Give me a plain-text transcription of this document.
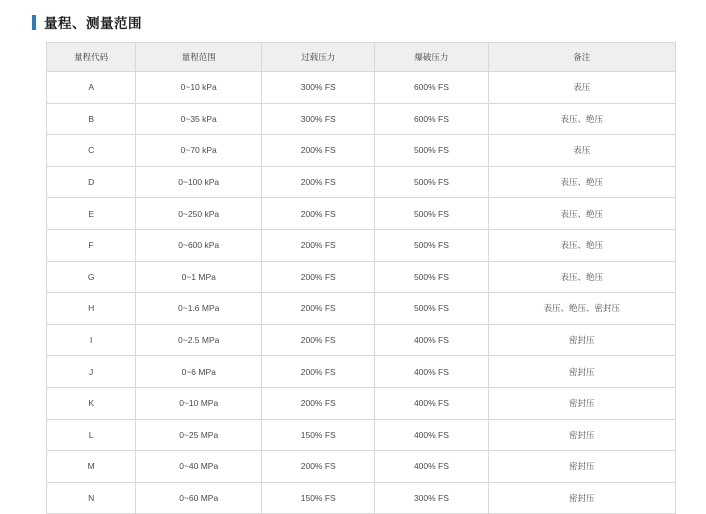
量程、测量范围
量程代码	量程范围	过载压力	爆破压力	备注
A	0~10 kPa	300% FS	600% FS	表压
B	0~35 kPa	300% FS	600% FS	表压、绝压
C	0~70 kPa	200% FS	500% FS	表压
D	0~100 kPa	200% FS	500% FS	表压、绝压
E	0~250 kPa	200% FS	500% FS	表压、绝压
F	0~600 kPa	200% FS	500% FS	表压、绝压
G	0~1 MPa	200% FS	500% FS	表压、绝压
H	0~1.6 MPa	200% FS	500% FS	表压、绝压、密封压
I	0~2.5 MPa	200% FS	400% FS	密封压
J	0~6 MPa	200% FS	400% FS	密封压
K	0~10 MPa	200% FS	400% FS	密封压
L	0~25 MPa	150% FS	400% FS	密封压
M	0~40 MPa	200% FS	400% FS	密封压
N	0~60 MPa	150% FS	300% FS	密封压
